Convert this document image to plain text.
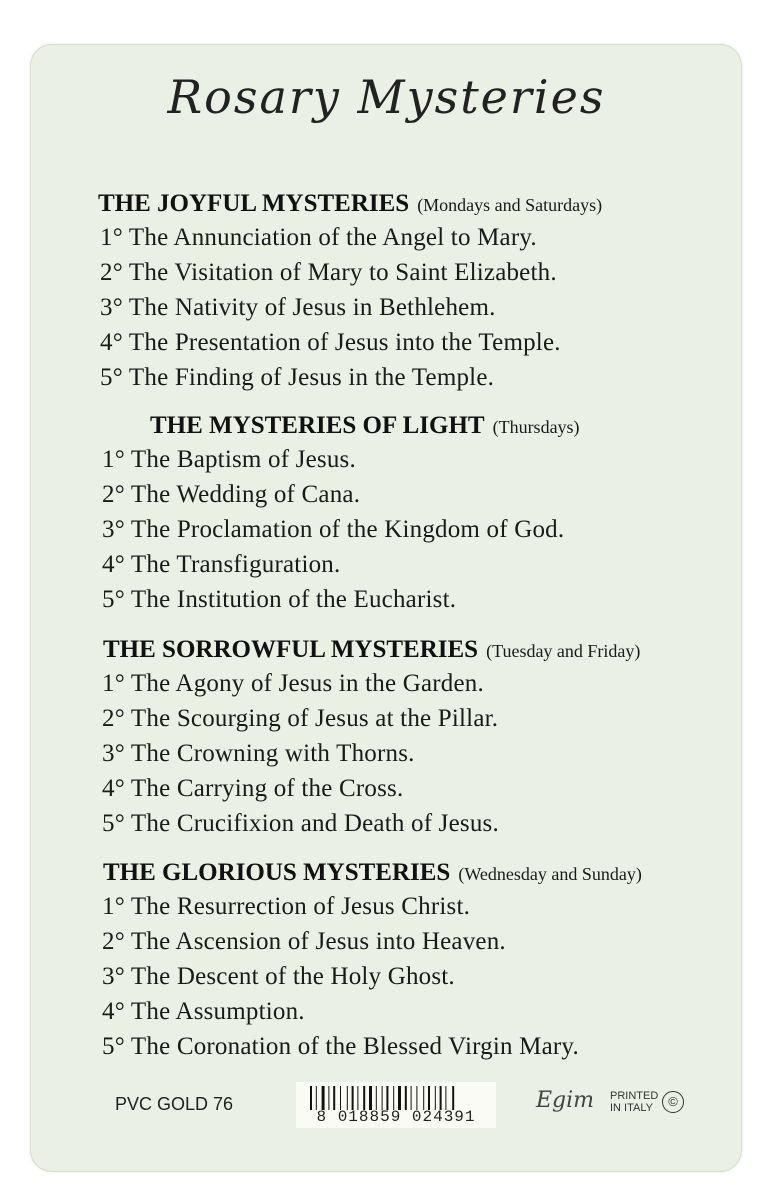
Rosary Mysteries
THE JOYFUL MYSTERIES (Mondays and Saturdays)
1° The Annunciation of the Angel to Mary.
2° The Visitation of Mary to Saint Elizabeth.
3° The Nativity of Jesus in Bethlehem.
4° The Presentation of Jesus into the Temple.
5° The Finding of Jesus in the Temple.
THE MYSTERIES OF LIGHT (Thursdays)
1° The Baptism of Jesus.
2° The Wedding of Cana.
3° The Proclamation of the Kingdom of God.
4° The Transfiguration.
5° The Institution of the Eucharist.
THE SORROWFUL MYSTERIES (Tuesday and Friday)
1° The Agony of Jesus in the Garden.
2° The Scourging of Jesus at the Pillar.
3° The Crowning with Thorns.
4° The Carrying of the Cross.
5° The Crucifixion and Death of Jesus.
THE GLORIOUS MYSTERIES (Wednesday and Sunday)
1° The Resurrection of Jesus Christ.
2° The Ascension of Jesus into Heaven.
3° The Descent of the Holy Ghost.
4° The Assumption.
5° The Coronation of the Blessed Virgin Mary.
PVC GOLD 76
8 018859 024391
Egim PRINTED
IN ITALY	©
